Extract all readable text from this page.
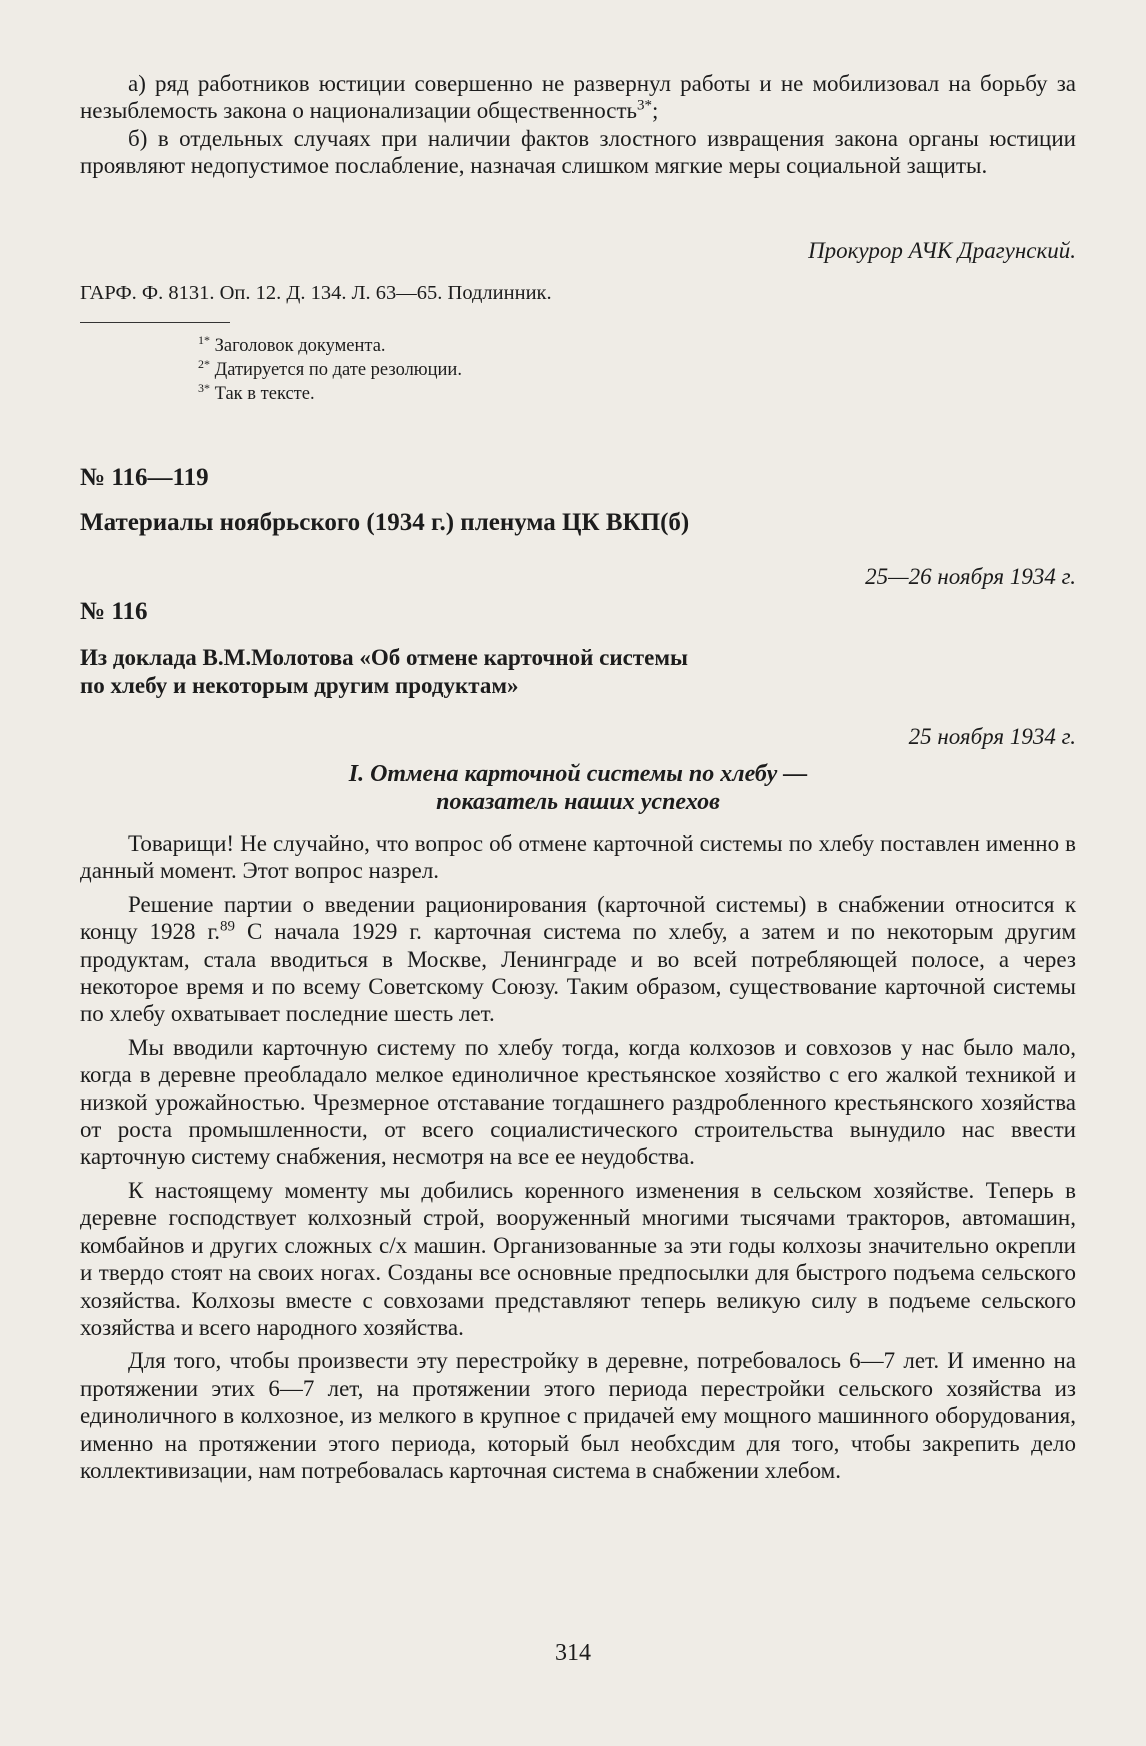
а) ряд работников юстиции совершенно не развернул работы и не мобилизовал на борьбу за незыблемость закона о национализации общественность$^{3*}$;

б) в отдельных случаях при наличии фактов злостного извращения закона органы юстиции проявляют недопустимое послабление, назначая слишком мягкие меры социальной защиты.

Прокурор АЧК Драгунский.

ГАРФ. Ф. 8131. Оп. 12. Д. 134. Л. 63—65. Подлинник.

$^{1*}$ Заголовок документа.

$^{2*}$ Датируется по дате резолюции.

$^{3*}$ Так в тексте.

№ 116—119

Материалы ноябрьского (1934 г.) пленума ЦК ВКП(б)

25—26 ноября 1934 г.

№ 116

Из доклада В.М.Молотова «Об отмене карточной системы

по хлебу и некоторым другим продуктам»

25 ноября 1934 г.

I. Отмена карточной системы по хлебу —

показатель наших успехов

Товарищи! Не случайно, что вопрос об отмене карточной системы по хлебу поставлен именно в данный момент. Этот вопрос назрел.

Решение партии о введении рационирования (карточной системы) в снабжении относится к концу 1928 г.$^{89}$ С начала 1929 г. карточная система по хлебу, а затем и по некоторым другим продуктам, стала вводиться в Москве, Ленинграде и во всей потребляющей полосе, а через некоторое время и по всему Советскому Союзу. Таким образом, существование карточной системы по хлебу охватывает последние шесть лет.

Мы вводили карточную систему по хлебу тогда, когда колхозов и совхозов у нас было мало, когда в деревне преобладало мелкое единоличное крестьянское хозяйство с его жалкой техникой и низкой урожайностью. Чрезмерное отставание тогдашнего раздробленного крестьянского хозяйства от роста промышленности, от всего социалистического строительства вынудило нас ввести карточную систему снабжения, несмотря на все ее неудобства.

К настоящему моменту мы добились коренного изменения в сельском хозяйстве. Теперь в деревне господствует колхозный строй, вооруженный многими тысячами тракторов, автомашин, комбайнов и других сложных с/х машин. Организованные за эти годы колхозы значительно окрепли и твердо стоят на своих ногах. Созданы все основные предпосылки для быстрого подъема сельского хозяйства. Колхозы вместе с совхозами представляют теперь великую силу в подъеме сельского хозяйства и всего народного хозяйства.

Для того, чтобы произвести эту перестройку в деревне, потребовалось 6—7 лет. И именно на протяжении этих 6—7 лет, на протяжении этого периода перестройки сельского хозяйства из единоличного в колхозное, из мелкого в крупное с придачей ему мощного машинного оборудования, именно на протяжении этого периода, который был необхсдим для того, чтобы закрепить дело коллективизации, нам потребовалась карточная система в снабжении хлебом.

314
